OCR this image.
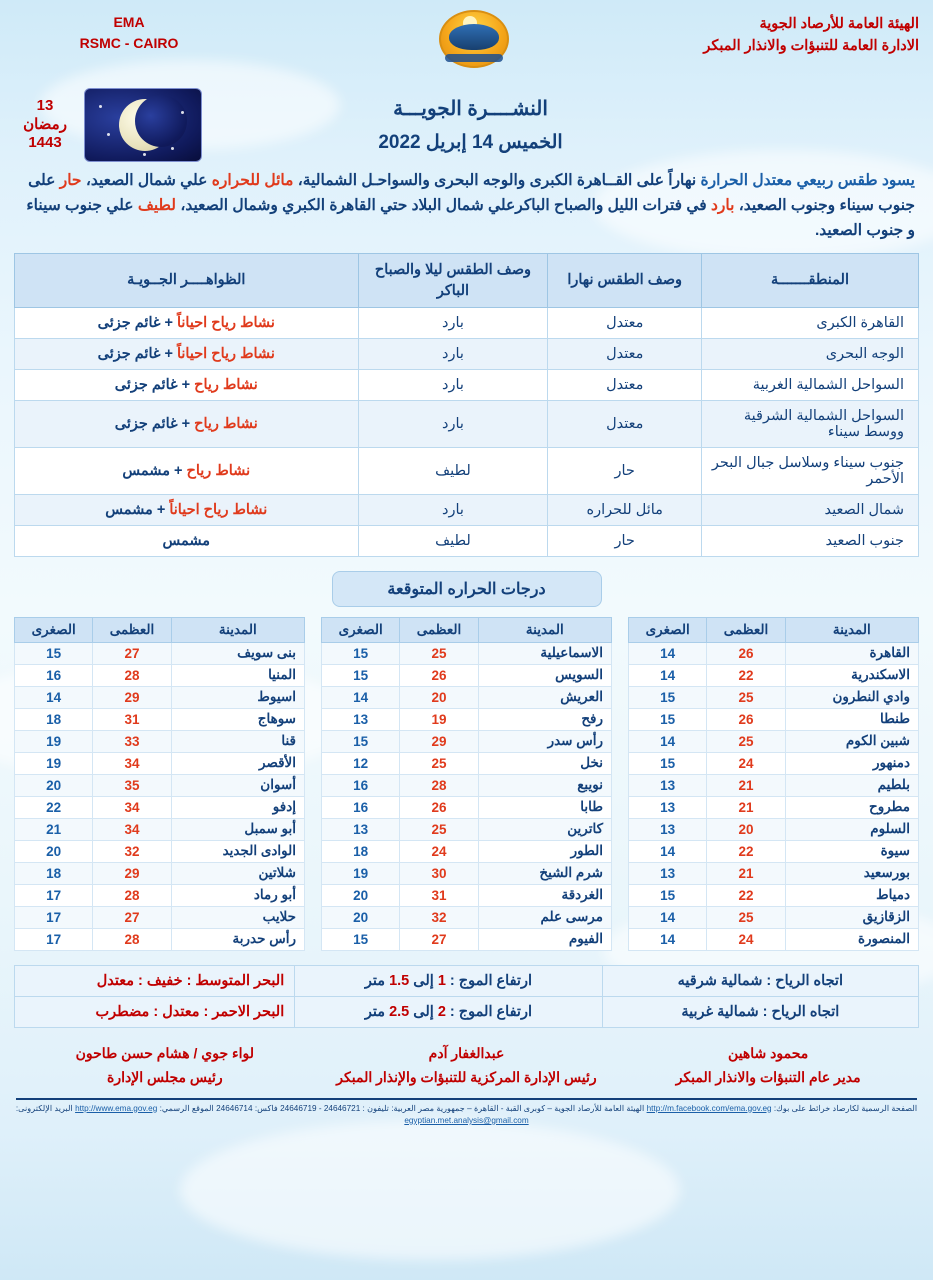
الهيئة العامة للأرصاد الجوية
الادارة العامة للتنبؤات والانذار المبكر
EMA
RSMC - CAIRO
النشــــرة الجويـــة
الخميس 14 إبريل 2022
13
رمضان
1443
يسود طقس ربيعي معتدل الحرارة نهاراً على القــاهرة الكبرى والوجه البحرى والسواحـل الشمالية، مائل للحراره علي شمال الصعيد، حار على جنوب سيناء وجنوب الصعيد، بارد في فترات الليل والصباح الباكرعلي شمال البلاد حتي القاهرة الكبري وشمال الصعيد، لطيف علي جنوب سيناء و جنوب الصعيد.
المنطقـــــــة	وصف الطقس نهارا	وصف الطقس ليلا والصباح الباكر	الظواهــــر الجــويـة
القاهرة الكبرى	معتدل	بارد	نشاط رياح احياناً + غائم جزئى
الوجه البحرى	معتدل	بارد	نشاط رياح احياناً + غائم جزئى
السواحل الشمالية الغربية	معتدل	بارد	نشاط رياح + غائم جزئى
السواحل الشمالية الشرقية ووسط سيناء	معتدل	بارد	نشاط رياح + غائم جزئى
جنوب سيناء وسلاسل جبال البحر الأحمر	حار	لطيف	نشاط رياح + مشمس
شمال الصعيد	مائل للحراره	بارد	نشاط رياح احياناً + مشمس
جنوب الصعيد	حار	لطيف	مشمس
درجات الحراره المتوقعة
المدينة	العظمى	الصغرى
القاهرة	26	14
الاسكندرية	22	14
وادي النطرون	25	15
طنطا	26	15
شبين الكوم	25	14
دمنهور	24	15
بلطيم	21	13
مطروح	21	13
السلوم	20	13
سيوة	22	14
بورسعيد	21	13
دمياط	22	15
الزقازيق	25	14
المنصورة	24	14
المدينة	العظمى	الصغرى
الاسماعيلية	25	15
السويس	26	15
العريش	20	14
رفح	19	13
رأس سدر	29	15
نخل	25	12
نويبع	28	16
طابا	26	16
كاترين	25	13
الطور	24	18
شرم الشيخ	30	19
الغردقة	31	20
مرسى علم	32	20
الفيوم	27	15
المدينة	العظمى	الصغرى
بنى سويف	27	15
المنيا	28	16
اسيوط	29	14
سوهاج	31	18
قنا	33	19
الأقصر	34	19
أسوان	35	20
إدفو	34	22
أبو سمبل	34	21
الوادى الجديد	32	20
شلاتين	29	18
أبو رماد	28	17
حلايب	27	17
رأس حدربة	28	17
اتجاه الرياح : شمالية شرقيه	ارتفاع الموج : 1 إلى 1.5 متر	البحر المتوسط : خفيف : معتدل
اتجاه الرياح : شمالية غربية	ارتفاع الموج : 2 إلى 2.5 متر	البحر الاحمر : معتدل : مضطرب
محمود شاهين
مدير عام التنبؤات والانذار المبكر
عبدالغفار آدم
رئيس الإدارة المركزية للتنبؤات والإنذار المبكر
لواء جوي / هشام حسن طاحون
رئيس مجلس الإدارة
الصفحة الرسمية لكارصاد خرائط على بوك: http://m.facebook.com/ema.gov.eg الهيئة العامة للأرصاد الجوية – كوبرى القبة - القاهرة – جمهورية مصر العربية: تليفون : 24646721 - 24646719 فاكس: 24646714 الموقع الرسمي: http://www.ema.gov.eg البريد الإلكترونى: egyptian.met.analysis@gmail.com
